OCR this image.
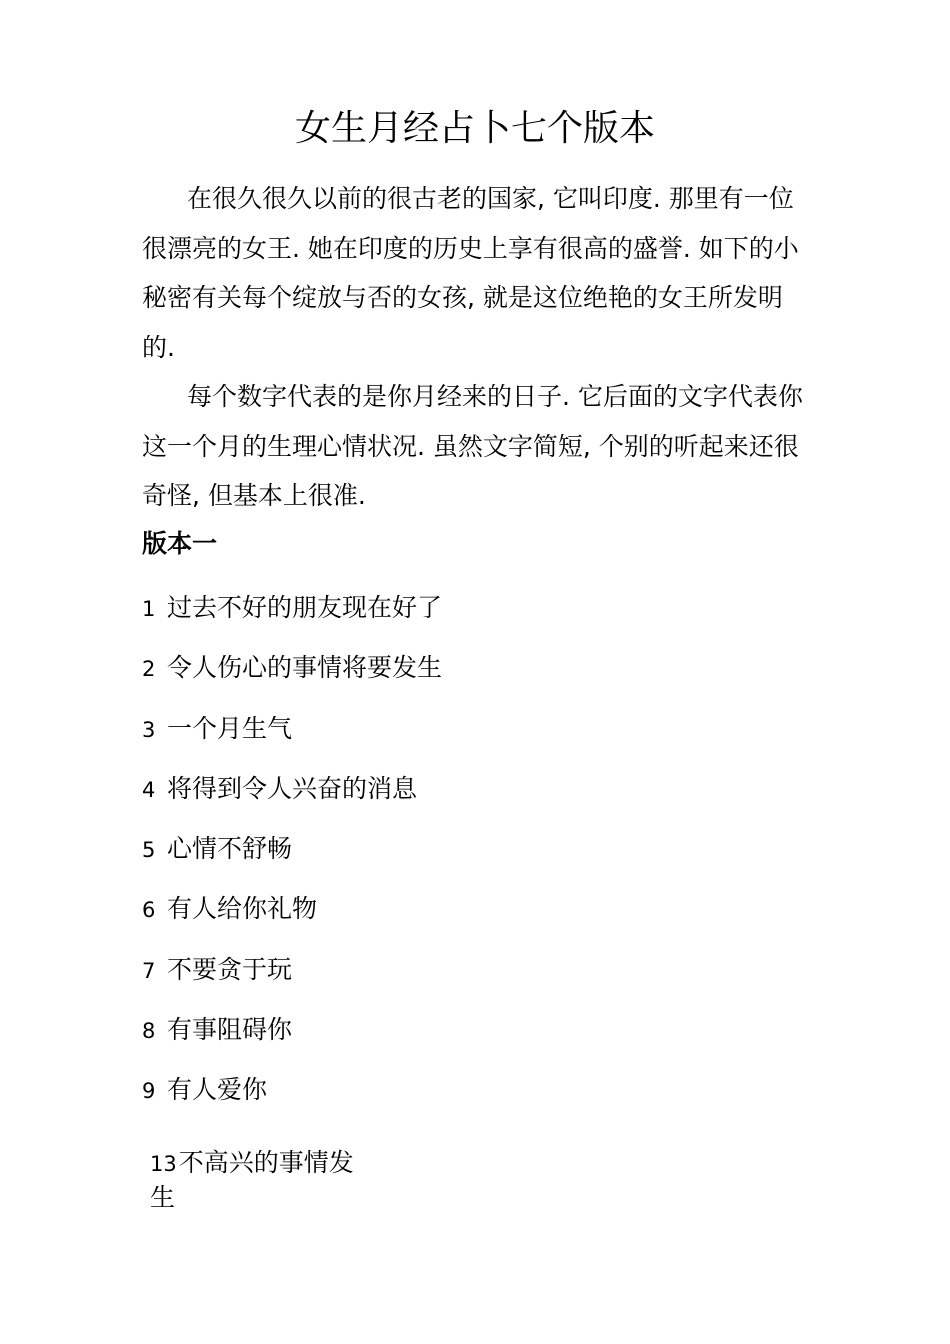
女生月经占卜七个版本
在很久很久以前的很古老的国家, 它叫印度. 那里有一位很漂亮的女王. 她在印度的历史上享有很高的盛誉. 如下的小秘密有关每个绽放与否的女孩, 就是这位绝艳的女王所发明的.
每个数字代表的是你月经来的日子. 它后面的文字代表你这一个月的生理心情状况. 虽然文字简短, 个别的听起来还很奇怪, 但基本上很准.
版本一
1 过去不好的朋友现在好了
2 令人伤心的事情将要发生
3 一个月生气
4 将得到令人兴奋的消息
5 心情不舒畅
6 有人给你礼物
7 不要贪于玩
8 有事阻碍你
9 有人爱你
13不高兴的事情发生
